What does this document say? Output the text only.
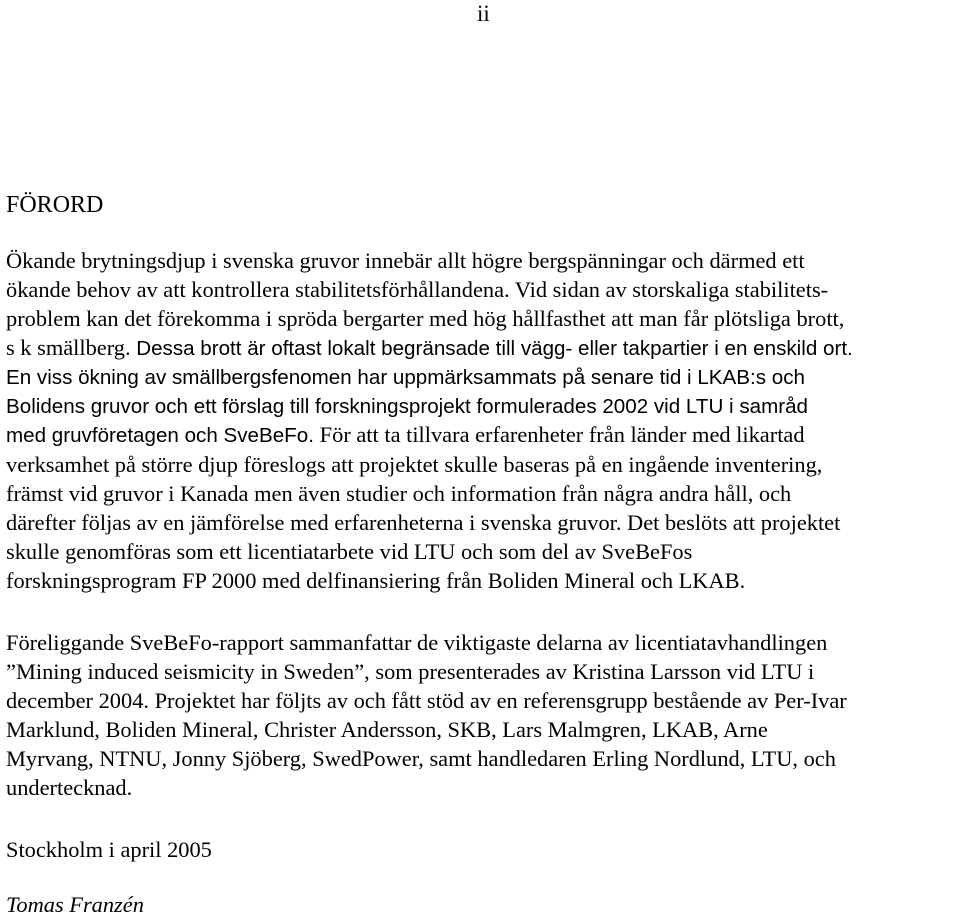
ii
FÖRORD

Ökande brytningsdjup i svenska gruvor innebär allt högre bergspänningar och därmed ett
ökande behov av att kontrollera stabilitetsförhållandena. Vid sidan av storskaliga stabilitets-
problem kan det förekomma i spröda bergarter med hög hållfasthet att man får plötsliga brott,
s k smällberg. Dessa brott är oftast lokalt begränsade till vägg- eller takpartier i en enskild ort.
En viss ökning av smällbergsfenomen har uppmärksammats på senare tid i LKAB:s och
Bolidens gruvor och ett förslag till forskningsprojekt formulerades 2002 vid LTU i samråd
med gruvföretagen och SveBeFo. För att ta tillvara erfarenheter från länder med likartad
verksamhet på större djup föreslogs att projektet skulle baseras på en ingående inventering,
främst vid gruvor i Kanada men även studier och information från några andra håll, och
därefter följas av en jämförelse med erfarenheterna i svenska gruvor. Det beslöts att projektet
skulle genomföras som ett licentiatarbete vid LTU och som del av SveBeFos
forskningsprogram FP 2000 med delfinansiering från Boliden Mineral och LKAB.

Föreliggande SveBeFo-rapport sammanfattar de viktigaste delarna av licentiatavhandlingen
”Mining induced seismicity in Sweden”, som presenterades av Kristina Larsson vid LTU i
december 2004. Projektet har följts av och fått stöd av en referensgrupp bestående av Per-Ivar
Marklund, Boliden Mineral, Christer Andersson, SKB, Lars Malmgren, LKAB, Arne
Myrvang, NTNU, Jonny Sjöberg, SwedPower, samt handledaren Erling Nordlund, LTU, och
undertecknad.

Stockholm i april 2005

Tomas Franzén
